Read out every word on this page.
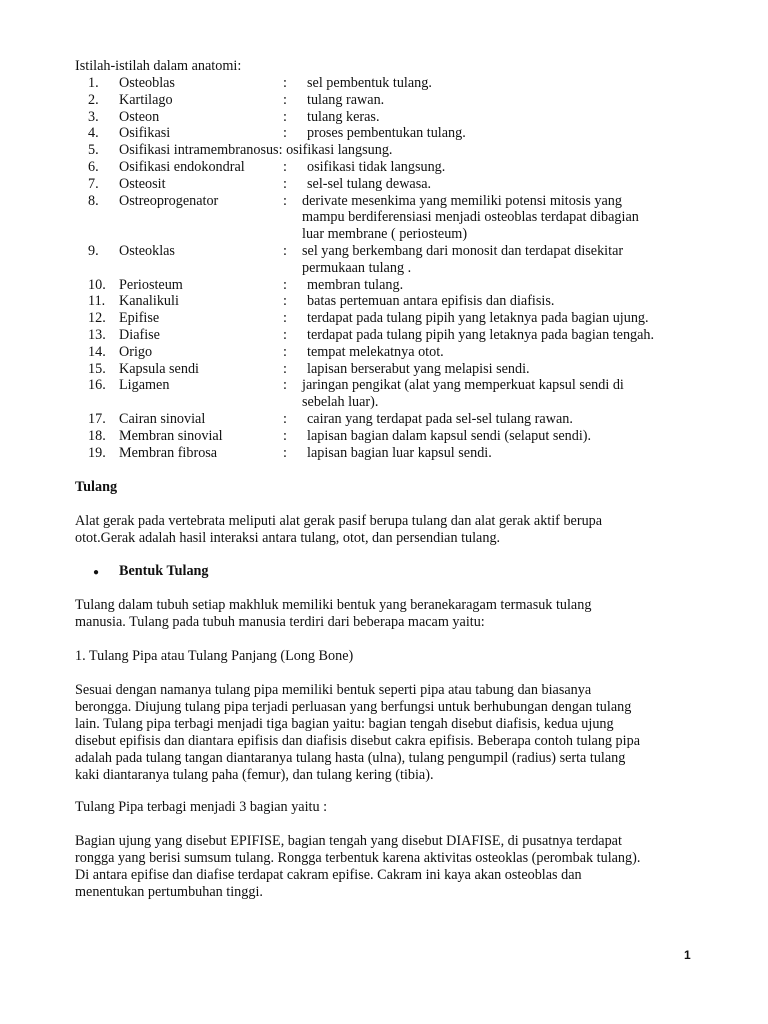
Istilah-istilah dalam anatomi:
1. Osteoblas	: sel pembentuk tulang.
2. Kartilago	: tulang rawan.
3. Osteon	: tulang keras.
4. Osifikasi	: proses pembentukan tulang.
5. Osifikasi intramembranosus: osifikasi langsung.
6. Osifikasi endokondral	: osifikasi tidak langsung.
7. Osteosit	: sel-sel tulang dewasa.
8. Ostreoprogenator	: derivate mesenkima yang memiliki potensi mitosis yang
mampu berdiferensiasi menjadi osteoblas terdapat dibagian
luar membrane ( periosteum)
9. Osteoklas	: sel yang berkembang dari monosit dan terdapat disekitar
permukaan tulang .
10. Periosteum	: membran tulang.
11. Kanalikuli	: batas pertemuan antara epifisis dan diafisis.
12. Epifise	: terdapat pada tulang pipih yang letaknya pada bagian ujung.
13. Diafise	: terdapat pada tulang pipih yang letaknya pada bagian tengah.
14. Origo	: tempat melekatnya otot.
15. Kapsula sendi	: lapisan berserabut yang melapisi sendi.
16. Ligamen	: jaringan pengikat (alat yang memperkuat kapsul sendi di
sebelah luar).
17. Cairan sinovial	: cairan yang terdapat pada sel-sel tulang rawan.
18. Membran sinovial	: lapisan bagian dalam kapsul sendi (selaput sendi).
19. Membran fibrosa	: lapisan bagian luar kapsul sendi.
Tulang
Alat gerak pada vertebrata meliputi alat gerak pasif berupa tulang dan alat gerak aktif berupa
otot.Gerak adalah hasil interaksi antara tulang, otot, dan persendian tulang.
● Bentuk Tulang
Tulang dalam tubuh setiap makhluk memiliki bentuk yang beranekaragam termasuk tulang
manusia. Tulang pada tubuh manusia terdiri dari beberapa macam yaitu:
1. Tulang Pipa atau Tulang Panjang (Long Bone)
Sesuai dengan namanya tulang pipa memiliki bentuk seperti pipa atau tabung dan biasanya
berongga. Diujung tulang pipa terjadi perluasan yang berfungsi untuk berhubungan dengan tulang
lain. Tulang pipa terbagi menjadi tiga bagian yaitu: bagian tengah disebut diafisis, kedua ujung
disebut epifisis dan diantara epifisis dan diafisis disebut cakra epifisis. Beberapa contoh tulang pipa
adalah pada tulang tangan diantaranya tulang hasta (ulna), tulang pengumpil (radius) serta tulang
kaki diantaranya tulang paha (femur), dan tulang kering (tibia).
Tulang Pipa terbagi menjadi 3 bagian yaitu :
Bagian ujung yang disebut EPIFISE, bagian tengah yang disebut DIAFISE, di pusatnya terdapat
rongga yang berisi sumsum tulang. Rongga terbentuk karena aktivitas osteoklas (perombak tulang).
Di antara epifise dan diafise terdapat cakram epifise. Cakram ini kaya akan osteoblas dan
menentukan pertumbuhan tinggi.
1
